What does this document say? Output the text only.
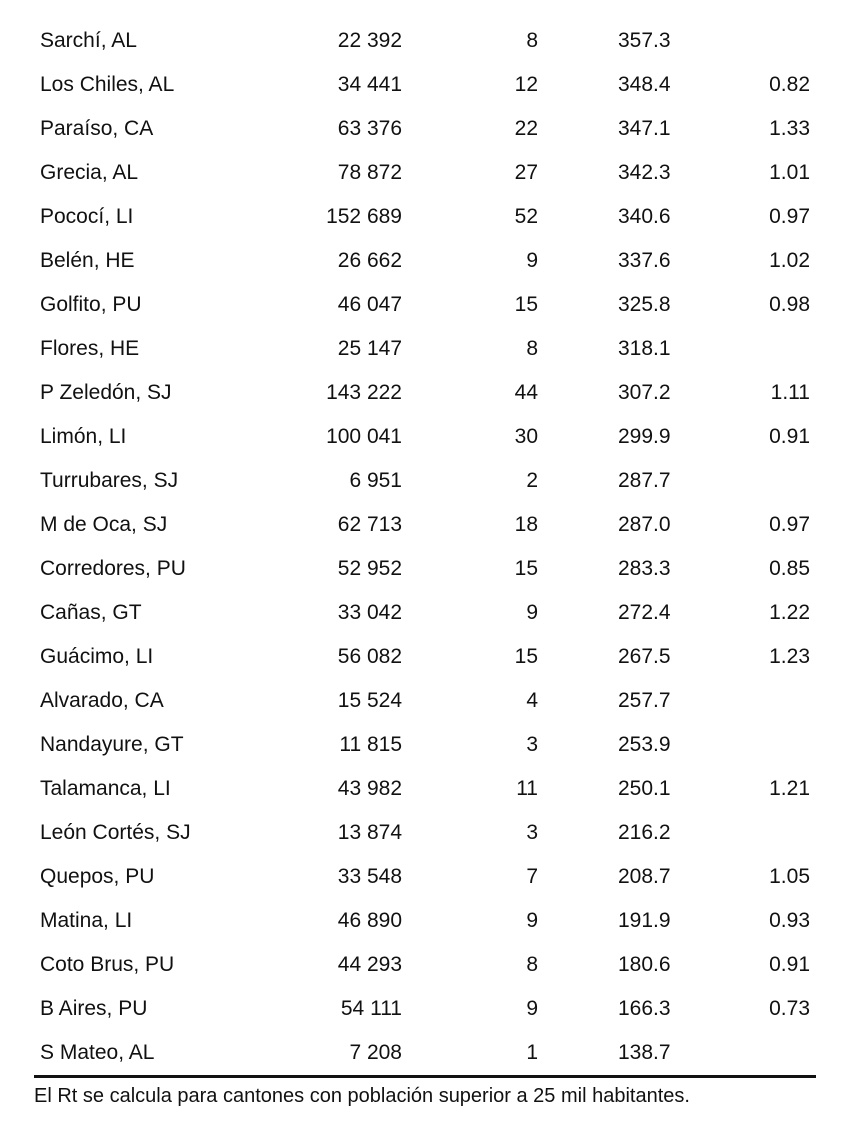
Sarchí, AL	22 392	8	357.3
Los Chiles, AL	34 441	12	348.4	0.82
Paraíso, CA	63 376	22	347.1	1.33
Grecia, AL	78 872	27	342.3	1.01
Pococí, LI	152 689	52	340.6	0.97
Belén, HE	26 662	9	337.6	1.02
Golfito, PU	46 047	15	325.8	0.98
Flores, HE	25 147	8	318.1
P Zeledón, SJ	143 222	44	307.2	1.11
Limón, LI	100 041	30	299.9	0.91
Turrubares, SJ	6 951	2	287.7
M de Oca, SJ	62 713	18	287.0	0.97
Corredores, PU	52 952	15	283.3	0.85
Cañas, GT	33 042	9	272.4	1.22
Guácimo, LI	56 082	15	267.5	1.23
Alvarado, CA	15 524	4	257.7
Nandayure, GT	11 815	3	253.9
Talamanca, LI	43 982	11	250.1	1.21
León Cortés, SJ	13 874	3	216.2
Quepos, PU	33 548	7	208.7	1.05
Matina, LI	46 890	9	191.9	0.93
Coto Brus, PU	44 293	8	180.6	0.91
B Aires, PU	54 111	9	166.3	0.73
S Mateo, AL	7 208	1	138.7
El Rt se calcula para cantones con población superior a 25 mil habitantes.
